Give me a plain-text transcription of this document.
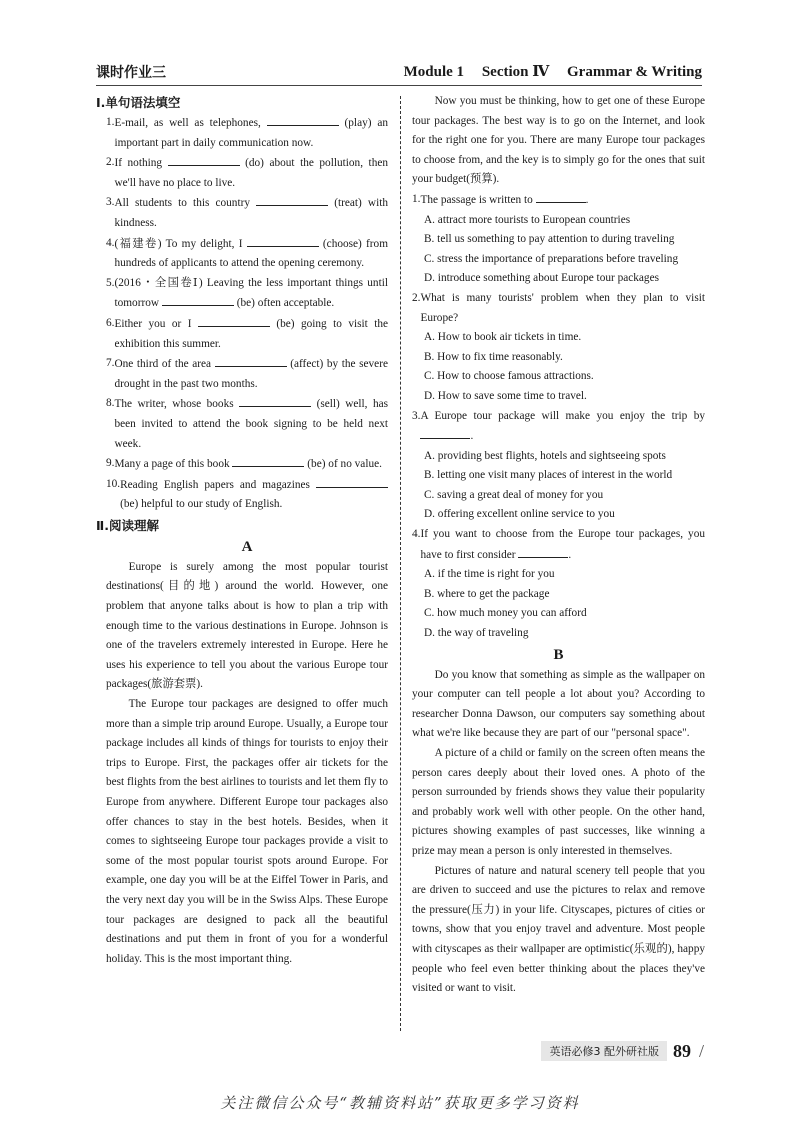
课时作业三	Module 1 Section Ⅳ Grammar & Writing

Ⅰ.单句语法填空

1. E-mail, as well as telephones,	(play) an important part in daily communication now.
2. If nothing	(do) about the pollution, then we'll have no place to live.
3. All students to this country	(treat) with kindness.
4. (福建卷) To my delight, I	(choose) from hundreds of applicants to attend the opening ceremony.
5. (2016・全国卷Ⅰ) Leaving the less important things until tomorrow	(be) often acceptable.
6. Either you or I	(be) going to visit the exhibition this summer.
7. One third of the area	(affect) by the severe drought in the past two months.
8. The writer, whose books	(sell) well, has been invited to attend the book signing to be held next week.
9. Many a page of this book	(be) of no value.
10. Reading English papers and magazines  (be) helpful to our study of English.

Ⅱ.阅读理解

A

Europe is surely among the most popular tourist destinations(目的地) around the world. However, one problem that anyone talks about is how to plan a trip with enough time to the various destinations in Europe. Johnson is one of the travelers extremely interested in Europe. Here he uses his experience to tell you about the various Europe tour packages(旅游套票).

The Europe tour packages are designed to offer much more than a simple trip around Europe. Usually, a Europe tour package includes all kinds of things for tourists to enjoy their trips to Europe. First, the packages offer air tickets for the best flights from the best airlines to tourists and let them fly to Europe from anywhere. Different Europe tour packages also offer chances to stay in the best hotels. Besides, when it comes to sightseeing Europe tour packages provide a visit to some of the most popular tourist spots around Europe. For example, one day you will be at the Eiffel Tower in Paris, and the very next day you will be in the Swiss Alps. These Europe tour packages are designed to pack all the beautiful destinations and put them in front of you for a wonderful holiday. This is the most important thing.

Now you must be thinking, how to get one of these Europe tour packages. The best way is to go on the Internet, and look for the right one for you. There are many Europe tour packages to choose from, and the key is to simply go for the ones that suit your budget(预算).

1. The passage is written to	.
A. attract more tourists to European countries
B. tell us something to pay attention to during traveling
C. stress the importance of preparations before traveling
D. introduce something about Europe tour packages
2. What is many tourists' problem when they plan to visit Europe?
A. How to book air tickets in time.
B. How to fix time reasonably.
C. How to choose famous attractions.
D. How to save some time to travel.
3. A Europe tour package will make you enjoy the trip by .
A. providing best flights, hotels and sightseeing spots
B. letting one visit many places of interest in the world
C. saving a great deal of money for you
D. offering excellent online service to you
4. If you want to choose from the Europe tour packages, you have to first consider	.
A. if the time is right for you
B. where to get the package
C. how much money you can afford
D. the way of traveling

B

Do you know that something as simple as the wallpaper on your computer can tell people a lot about you? According to researcher Donna Dawson, our computers say something about what we're like because they are part of our "personal space".

A picture of a child or family on the screen often means the person cares deeply about their loved ones. A photo of the person surrounded by friends shows they value their popularity and probably work well with other people. On the other hand, pictures showing examples of past successes, like winning a prize may mean a person is only interested in themselves.

Pictures of nature and natural scenery tell people that you are driven to succeed and use the pictures to relax and remove the pressure(压力) in your life. Cityscapes, pictures of cities or towns, show that you enjoy travel and adventure. Most people with cityscapes as their wallpaper are optimistic(乐观的), happy people who feel even better thinking about the places they've visited or want to visit.

英语必修3 配外研社版 89 /
关注微信公众号“教辅资料站”获取更多学习资料
